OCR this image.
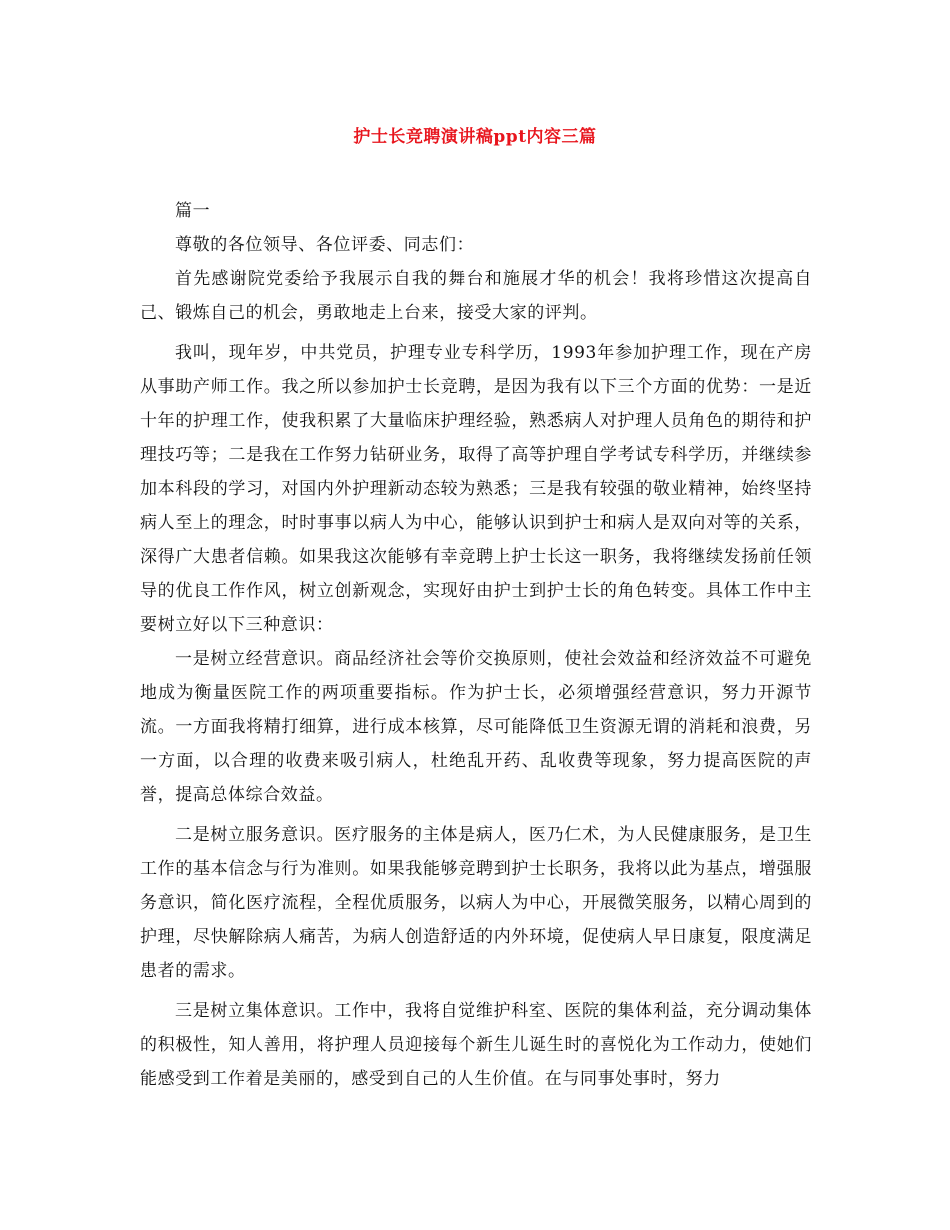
护士长竞聘演讲稿ppt内容三篇

篇一

尊敬的各位领导、各位评委、同志们：

首先感谢院党委给予我展示自我的舞台和施展才华的机会！我将珍惜这次提高自己、锻炼自己的机会，勇敢地走上台来，接受大家的评判。

我叫，现年岁，中共党员，护理专业专科学历，1993年参加护理工作，现在产房从事助产师工作。我之所以参加护士长竞聘，是因为我有以下三个方面的优势：一是近十年的护理工作，使我积累了大量临床护理经验，熟悉病人对护理人员角色的期待和护理技巧等；二是我在工作努力钻研业务，取得了高等护理自学考试专科学历，并继续参加本科段的学习，对国内外护理新动态较为熟悉；三是我有较强的敬业精神，始终坚持病人至上的理念，时时事事以病人为中心，能够认识到护士和病人是双向对等的关系，深得广大患者信赖。如果我这次能够有幸竞聘上护士长这一职务，我将继续发扬前任领导的优良工作作风，树立创新观念，实现好由护士到护士长的角色转变。具体工作中主要树立好以下三种意识：

一是树立经营意识。商品经济社会等价交换原则，使社会效益和经济效益不可避免地成为衡量医院工作的两项重要指标。作为护士长，必须增强经营意识，努力开源节流。一方面我将精打细算，进行成本核算，尽可能降低卫生资源无谓的消耗和浪费，另一方面，以合理的收费来吸引病人，杜绝乱开药、乱收费等现象，努力提高医院的声誉，提高总体综合效益。

二是树立服务意识。医疗服务的主体是病人，医乃仁术，为人民健康服务，是卫生工作的基本信念与行为准则。如果我能够竞聘到护士长职务，我将以此为基点，增强服务意识，简化医疗流程，全程优质服务，以病人为中心，开展微笑服务，以精心周到的护理，尽快解除病人痛苦，为病人创造舒适的内外环境，促使病人早日康复，限度满足患者的需求。

三是树立集体意识。工作中，我将自觉维护科室、医院的集体利益，充分调动集体的积极性，知人善用，将护理人员迎接每个新生儿诞生时的喜悦化为工作动力，使她们能感受到工作着是美丽的，感受到自己的人生价值。在与同事处事时，努力
